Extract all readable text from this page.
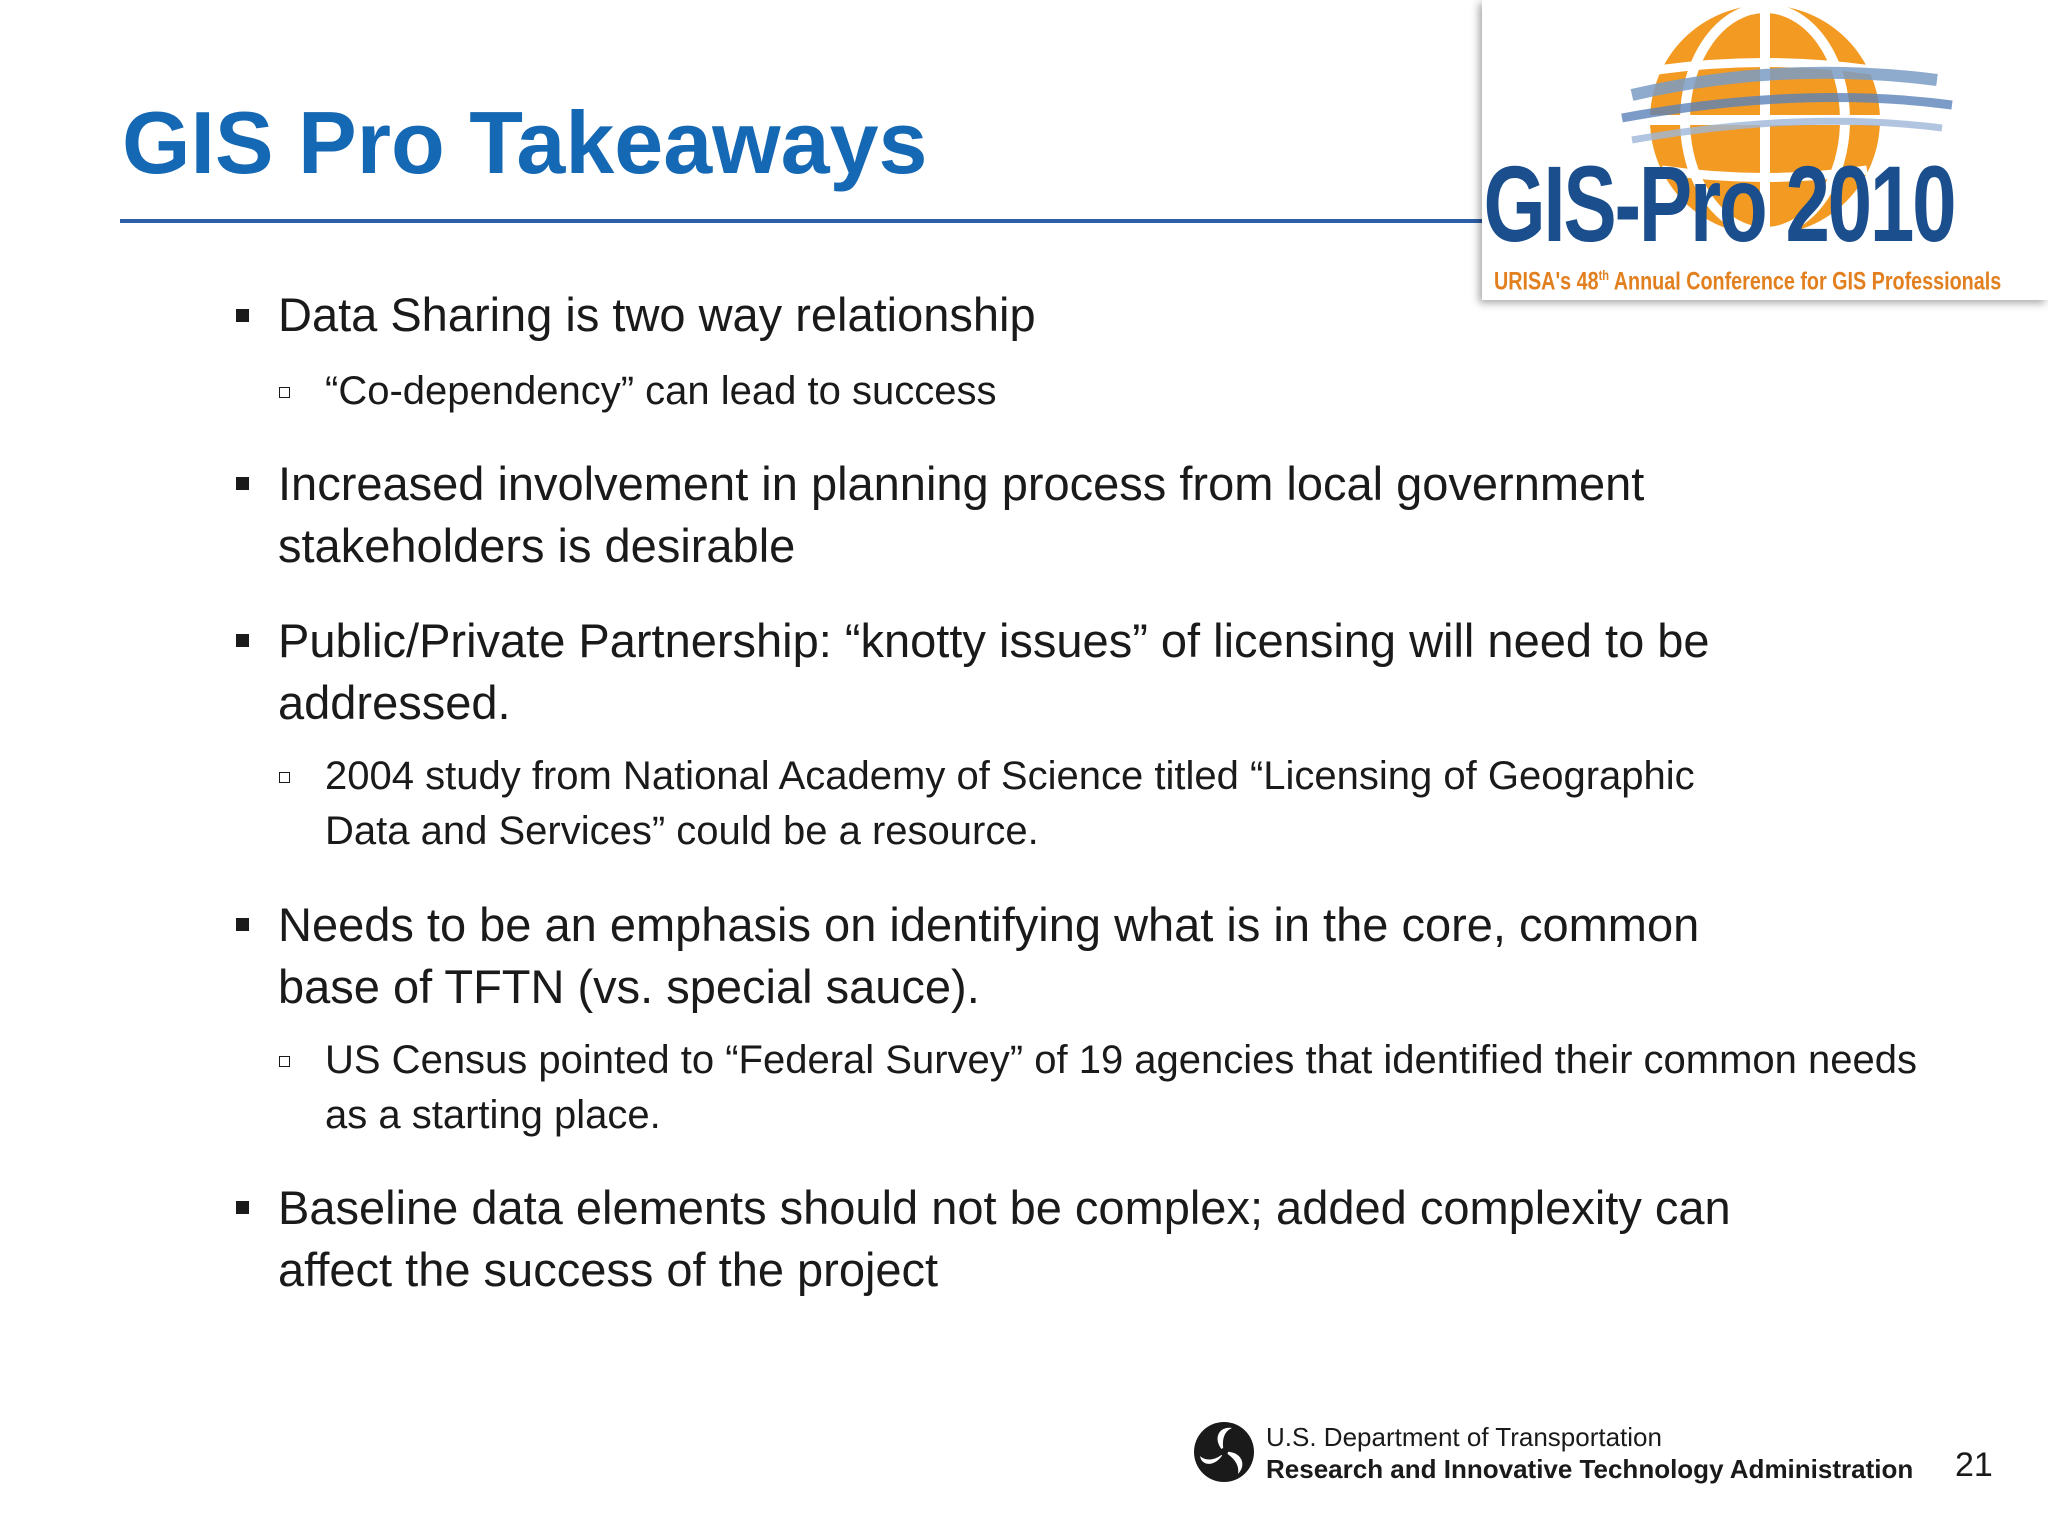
GIS Pro Takeaways
GIS-Pro 2010
URISA's 48th Annual Conference for GIS Professionals
Data Sharing is two way relationship
“Co-dependency” can lead to success
Increased involvement in planning process from local government stakeholders is desirable
Public/Private Partnership: “knotty issues” of licensing will need to be addressed.
2004 study from National Academy of Science titled “Licensing of Geographic Data and Services” could be a resource.
Needs to be an emphasis on identifying what is in the core, common base of TFTN (vs. special sauce).
US Census pointed to “Federal Survey” of 19 agencies that identified their common needs as a starting place.
Baseline data elements should not be complex; added complexity can affect the success of the project
U.S. Department of Transportation
Research and Innovative Technology Administration 21
